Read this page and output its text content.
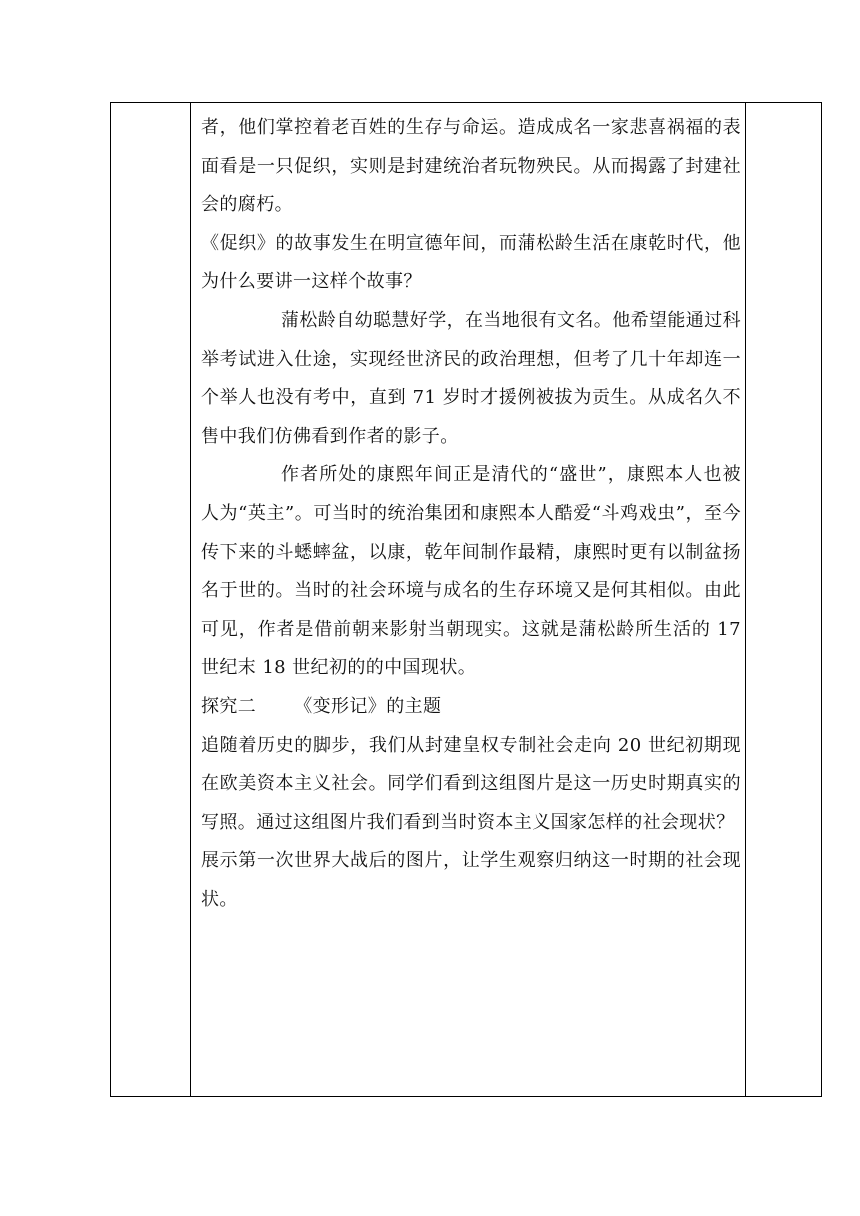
者，他们掌控着老百姓的生存与命运。造成成名一家悲喜祸福的表面看是一只促织，实则是封建统治者玩物殃民。从而揭露了封建社会的腐朽。

《促织》的故事发生在明宣德年间，而蒲松龄生活在康乾时代，他为什么要讲一这样个故事？

蒲松龄自幼聪慧好学，在当地很有文名。他希望能通过科举考试进入仕途，实现经世济民的政治理想，但考了几十年却连一个举人也没有考中，直到 71 岁时才援例被拔为贡生。从成名久不售中我们仿佛看到作者的影子。

作者所处的康熙年间正是清代的“盛世”，康熙本人也被人为“英主”。可当时的统治集团和康熙本人酷爱“斗鸡戏虫”，至今传下来的斗蟋蟀盆，以康，乾年间制作最精，康熙时更有以制盆扬名于世的。当时的社会环境与成名的生存环境又是何其相似。由此可见，作者是借前朝来影射当朝现实。这就是蒲松龄所生活的 17 世纪末 18 世纪初的的中国现状。

探究二 《变形记》的主题

追随着历史的脚步，我们从封建皇权专制社会走向 20 世纪初期现在欧美资本主义社会。同学们看到这组图片是这一历史时期真实的写照。通过这组图片我们看到当时资本主义国家怎样的社会现状？

展示第一次世界大战后的图片，让学生观察归纳这一时期的社会现状。
